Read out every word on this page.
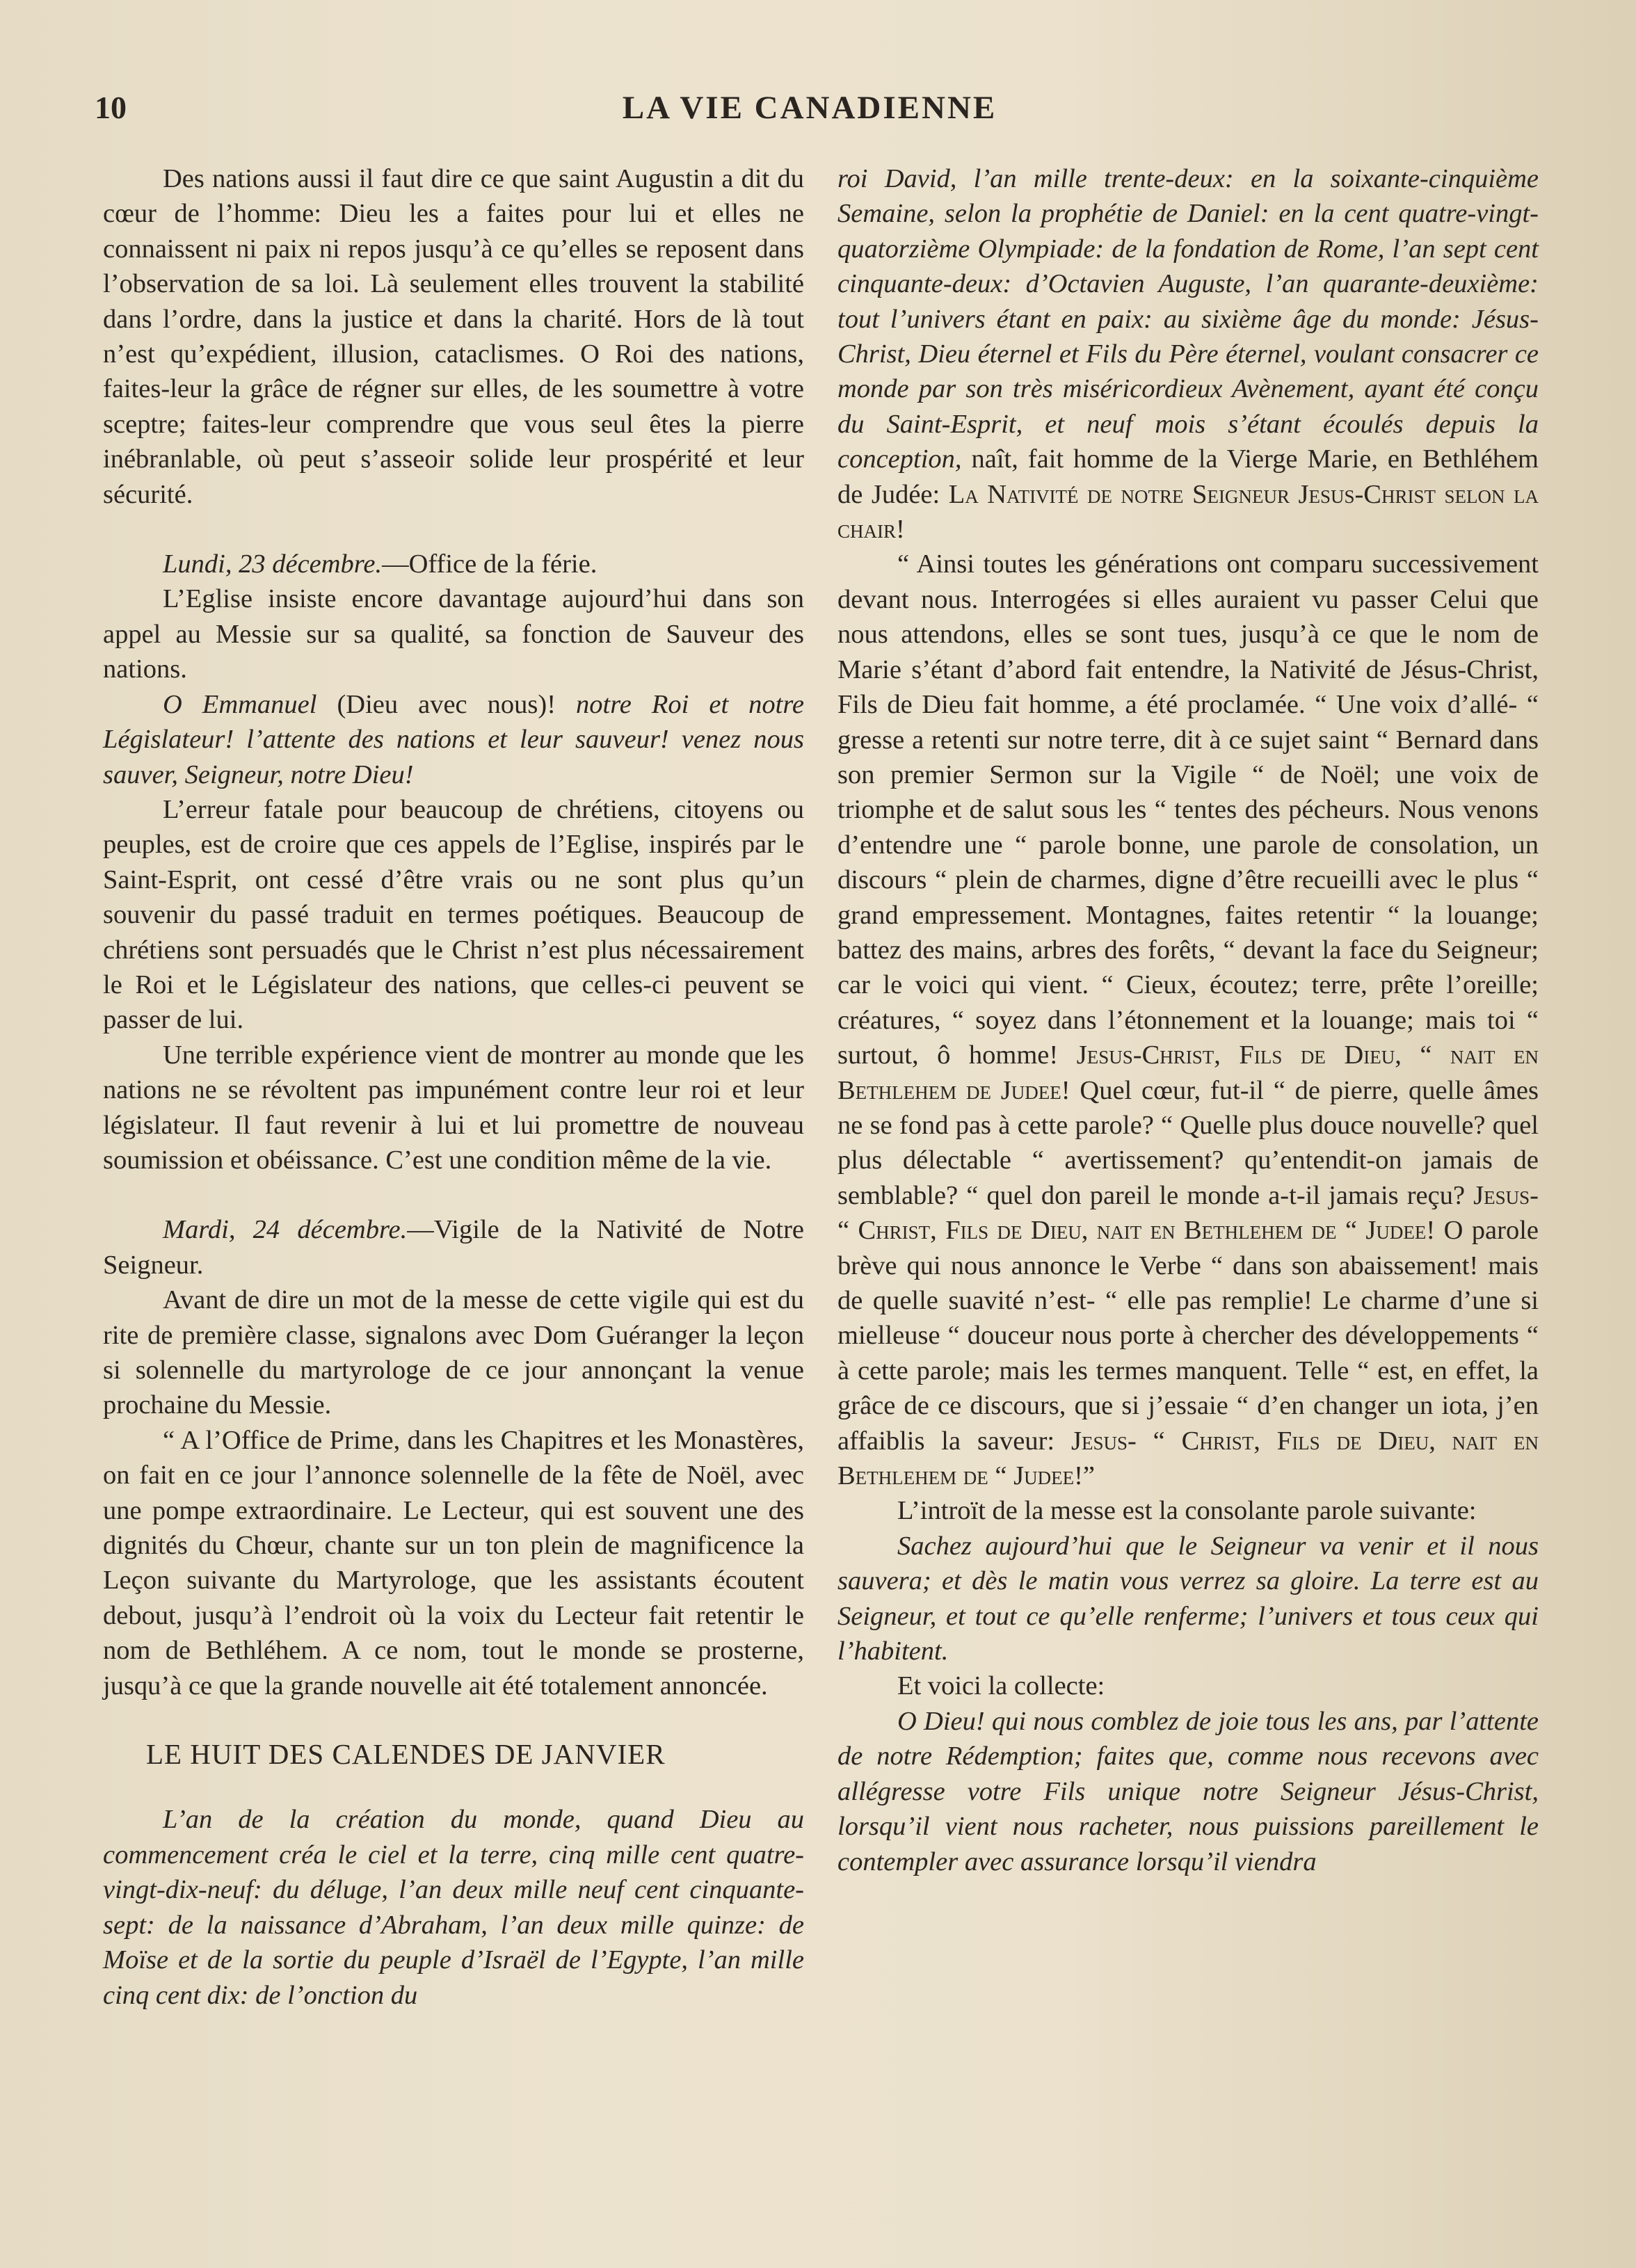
10	LA VIE CANADIENNE

Des nations aussi il faut dire ce que saint Augustin a dit du cœur de l’homme: Dieu les a faites pour lui et elles ne connaissent ni paix ni repos jusqu’à ce qu’elles se reposent dans l’observation de sa loi. Là seulement elles trouvent la stabilité dans l’ordre, dans la justice et dans la charité. Hors de là tout n’est qu’expédient, illusion, cataclismes. O Roi des nations, faites-leur la grâce de régner sur elles, de les soumettre à votre sceptre; faites-leur comprendre que vous seul êtes la pierre inébranlable, où peut s’asseoir solide leur prospérité et leur sécurité.

Lundi, 23 décembre.—Office de la férie.

L’Eglise insiste encore davantage aujourd’hui dans son appel au Messie sur sa qualité, sa fonction de Sauveur des nations.

O Emmanuel (Dieu avec nous)! notre Roi et notre Législateur! l’attente des nations et leur sauveur! venez nous sauver, Seigneur, notre Dieu!

L’erreur fatale pour beaucoup de chrétiens, citoyens ou peuples, est de croire que ces appels de l’Eglise, inspirés par le Saint-Esprit, ont cessé d’être vrais ou ne sont plus qu’un souvenir du passé traduit en termes poétiques. Beaucoup de chrétiens sont persuadés que le Christ n’est plus nécessairement le Roi et le Législateur des nations, que celles-ci peuvent se passer de lui.

Une terrible expérience vient de montrer au monde que les nations ne se révoltent pas impunément contre leur roi et leur législateur. Il faut revenir à lui et lui promettre de nouveau soumission et obéissance. C’est une condition même de la vie.

Mardi, 24 décembre.—Vigile de la Nativité de Notre Seigneur.

Avant de dire un mot de la messe de cette vigile qui est du rite de première classe, signalons avec Dom Guéranger la leçon si solennelle du martyrologe de ce jour annonçant la venue prochaine du Messie.

“ A l’Office de Prime, dans les Chapitres et les Monastères, on fait en ce jour l’annonce solennelle de la fête de Noël, avec une pompe extraordinaire. Le Lecteur, qui est souvent une des dignités du Chœur, chante sur un ton plein de magnificence la Leçon suivante du Martyrologe, que les assistants écoutent debout, jusqu’à l’endroit où la voix du Lecteur fait retentir le nom de Bethléhem. A ce nom, tout le monde se prosterne, jusqu’à ce que la grande nouvelle ait été totalement annoncée.

LE HUIT DES CALENDES DE JANVIER

L’an de la création du monde, quand Dieu au commencement créa le ciel et la terre, cinq mille cent quatre-vingt-dix-neuf: du déluge, l’an deux mille neuf cent cinquante-sept: de la naissance d’Abraham, l’an deux mille quinze: de Moïse et de la sortie du peuple d’Israël de l’Egypte, l’an mille cinq cent dix: de l’onction du

roi David, l’an mille trente-deux: en la soixante-cinquième Semaine, selon la prophétie de Daniel: en la cent quatre-vingt-quatorzième Olympiade: de la fondation de Rome, l’an sept cent cinquante-deux: d’Octavien Auguste, l’an quarante-deuxième: tout l’univers étant en paix: au sixième âge du monde: Jésus-Christ, Dieu éternel et Fils du Père éternel, voulant consacrer ce monde par son très miséricordieux Avènement, ayant été conçu du Saint-Esprit, et neuf mois s’étant écoulés depuis la conception, naît, fait homme de la Vierge Marie, en Bethléhem de Judée: La Nativité de notre Seigneur Jesus-Christ selon la chair!

“ Ainsi toutes les générations ont comparu successivement devant nous. Interrogées si elles auraient vu passer Celui que nous attendons, elles se sont tues, jusqu’à ce que le nom de Marie s’étant d’abord fait entendre, la Nativité de Jésus-Christ, Fils de Dieu fait homme, a été proclamée. “ Une voix d’allé- “ gresse a retenti sur notre terre, dit à ce sujet saint “ Bernard dans son premier Sermon sur la Vigile “ de Noël; une voix de triomphe et de salut sous les “ tentes des pécheurs. Nous venons d’entendre une “ parole bonne, une parole de consolation, un discours “ plein de charmes, digne d’être recueilli avec le plus “ grand empressement. Montagnes, faites retentir “ la louange; battez des mains, arbres des forêts, “ devant la face du Seigneur; car le voici qui vient. “ Cieux, écoutez; terre, prête l’oreille; créatures, “ soyez dans l’étonnement et la louange; mais toi “ surtout, ô homme! Jesus-Christ, Fils de Dieu, “ nait en Bethlehem de Judee! Quel cœur, fut-il “ de pierre, quelle âmes ne se fond pas à cette parole? “ Quelle plus douce nouvelle? quel plus délectable “ avertissement? qu’entendit-on jamais de semblable? “ quel don pareil le monde a-t-il jamais reçu? Jesus- “ Christ, Fils de Dieu, nait en Bethlehem de “ Judee! O parole brève qui nous annonce le Verbe “ dans son abaissement! mais de quelle suavité n’est- “ elle pas remplie! Le charme d’une si mielleuse “ douceur nous porte à chercher des développements “ à cette parole; mais les termes manquent. Telle “ est, en effet, la grâce de ce discours, que si j’essaie “ d’en changer un iota, j’en affaiblis la saveur: Jesus- “ Christ, Fils de Dieu, nait en Bethlehem de “ Judee!”

L’introït de la messe est la consolante parole suivante:

Sachez aujourd’hui que le Seigneur va venir et il nous sauvera; et dès le matin vous verrez sa gloire. La terre est au Seigneur, et tout ce qu’elle renferme; l’univers et tous ceux qui l’habitent.

Et voici la collecte:

O Dieu! qui nous comblez de joie tous les ans, par l’attente de notre Rédemption; faites que, comme nous recevons avec allégresse votre Fils unique notre Seigneur Jésus-Christ, lorsqu’il vient nous racheter, nous puissions pareillement le contempler avec assurance lorsqu’il viendra
